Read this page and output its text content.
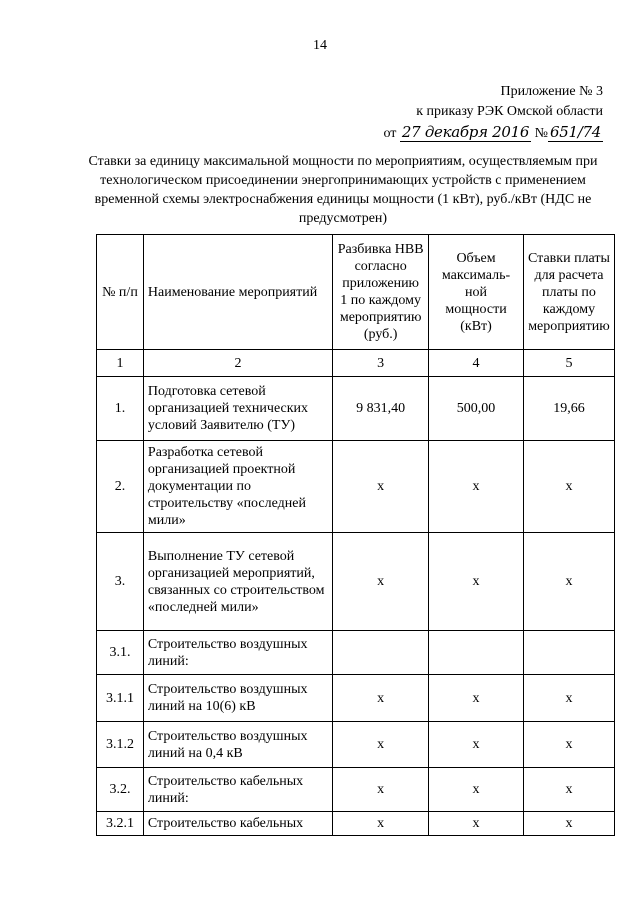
14
Приложение № 3
к приказу РЭК Омской области
от 27 декабря 2016 № 651/74
Ставки за единицу максимальной мощности по мероприятиям, осуществляемым при технологическом присоединении энергопринимающих устройств с применением временной схемы электроснабжения единицы мощности (1 кВт), руб./кВт (НДС не предусмотрен)
№ п/п	Наименование мероприятий	Разбивка НВВ согласно приложению 1 по каждому мероприятию (руб.)	Объем максималь-ной мощности (кВт)	Ставки платы для расчета платы по каждому мероприятию
1	2	3	4	5
1.	Подготовка сетевой организацией технических условий Заявителю (ТУ)	9 831,40	500,00	19,66
2.	Разработка сетевой организацией проектной документации по строительству «последней мили»	x	x	x
3.	Выполнение ТУ сетевой организацией мероприятий, связанных со строительством «последней мили»	x	x	x
3.1.	Строительство воздушных линий:			
3.1.1	Строительство воздушных линий на 10(6) кВ	x	x	x
3.1.2	Строительство воздушных линий на 0,4 кВ	x	x	x
3.2.	Строительство кабельных линий:	x	x	x
3.2.1	Строительство кабельных	x	x	x
